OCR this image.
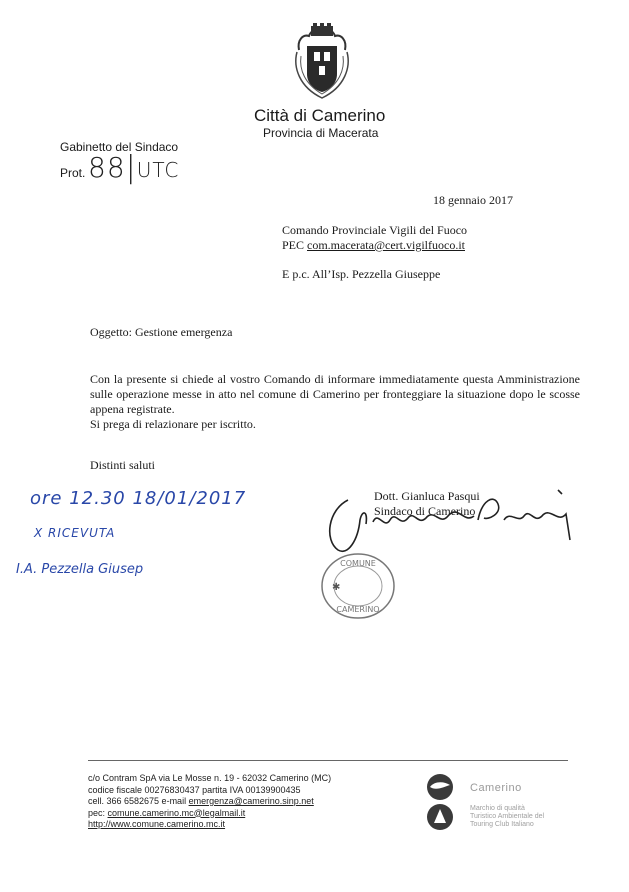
Città di Camerino
Provincia di Macerata
Gabinetto del Sindaco
Prot. 88|UTC
18 gennaio 2017
Comando Provinciale Vigili del Fuoco
PEC com.macerata@cert.vigilfuoco.it
E p.c. All’Isp. Pezzella Giuseppe
Oggetto: Gestione emergenza

Con la presente si chiede al vostro Comando di informare immediatamente questa Amministrazione sulle operazione messe in atto nel comune di Camerino per fronteggiare la situazione dopo le scosse appena registrate.

Si prega di relazionare per iscritto.

Distinti saluti
ore 12.30 18/01/2017
X RICEVUTA
I.A. Pezzella Giusep
Dott. Gianluca Pasqui
Sindaco di Camerino
COMUNE
CAMERINO
✱
c/o Contram SpA via Le Mosse n. 19 - 62032 Camerino (MC)
codice fiscale 00276830437 partita IVA 00139900435
cell. 366 6582675 e-mail emergenza@camerino.sinp.net
pec: comune.camerino.mc@legalmail.it
http://www.comune.camerino.mc.it
Camerino
Marchio di qualità
Turistico Ambientale del
Touring Club Italiano
